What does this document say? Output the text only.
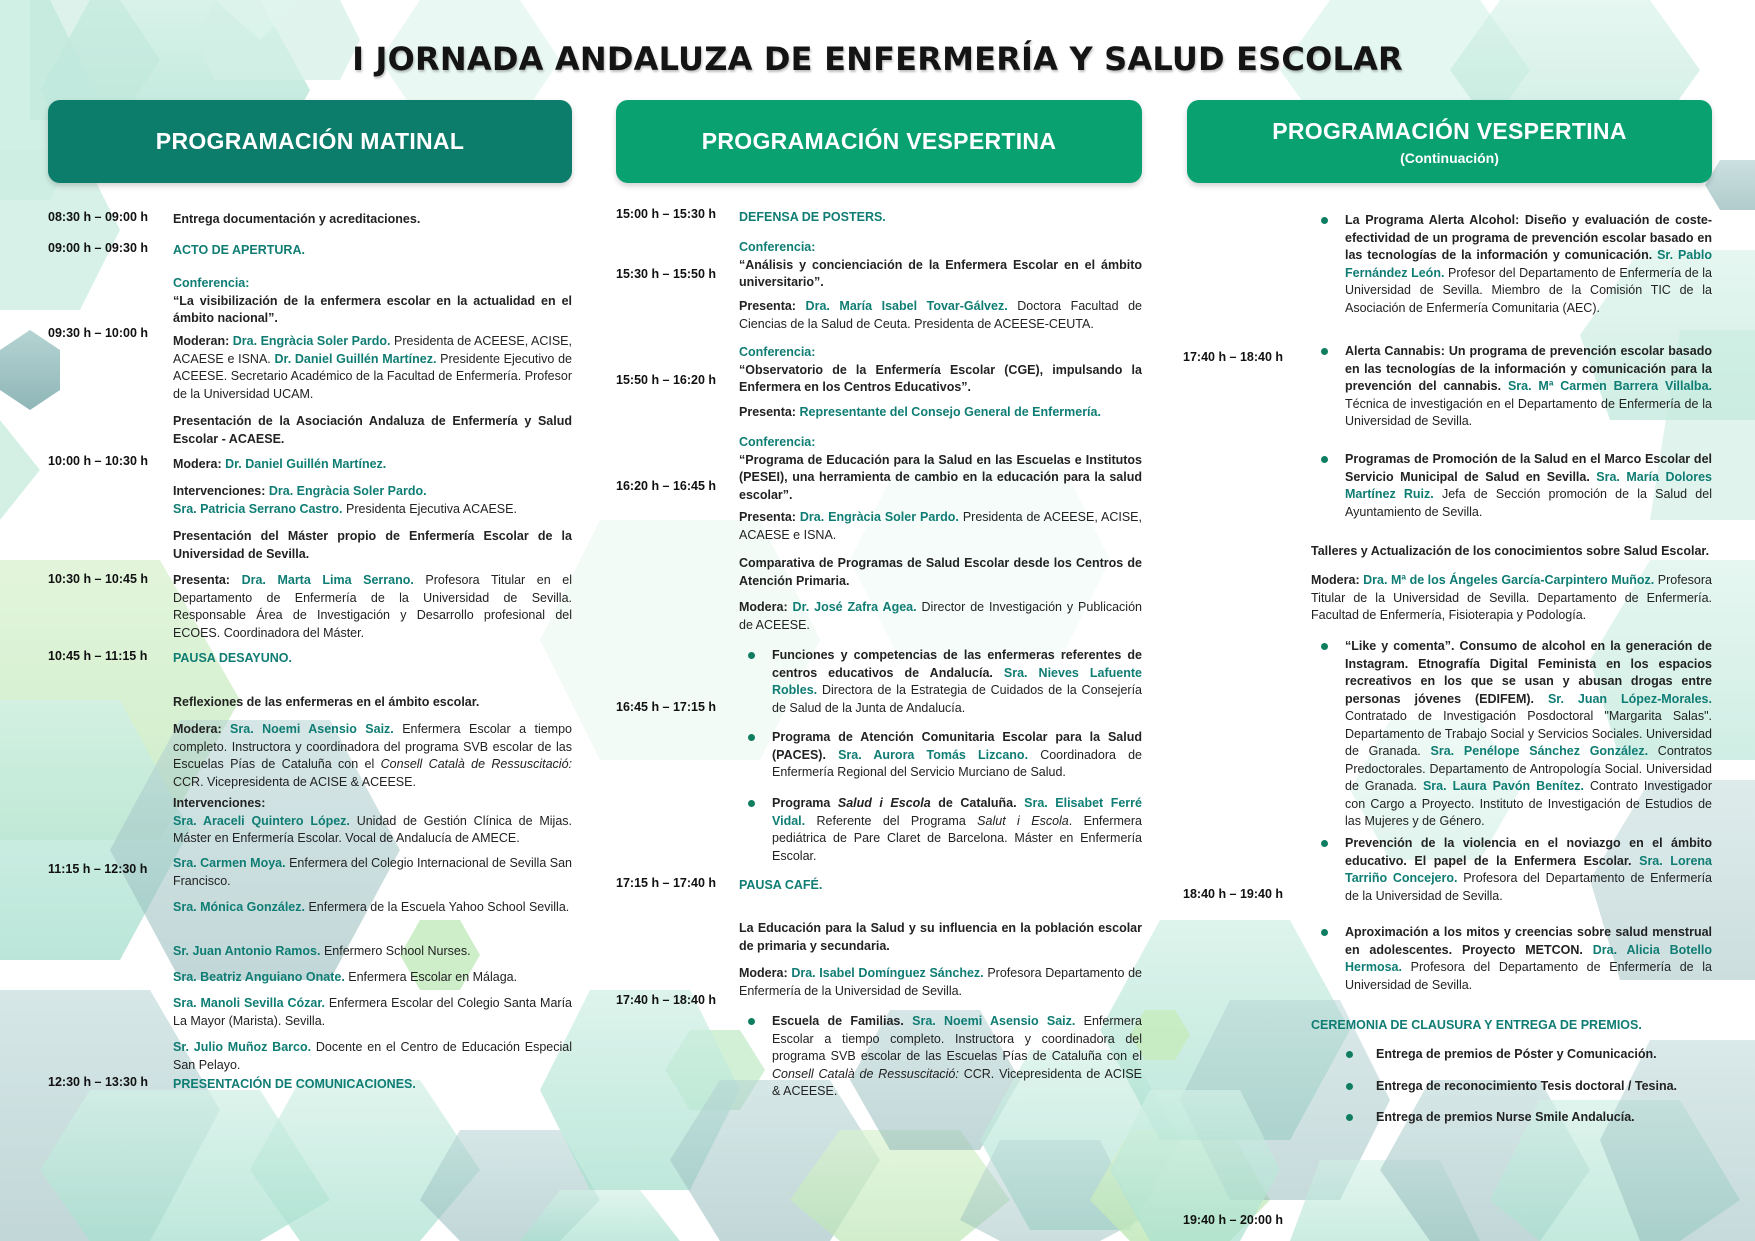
I JORNADA ANDALUZA DE ENFERMERÍA Y SALUD ESCOLAR
PROGRAMACIÓN MATINAL
08:30 h – 09:00 h
09:00 h – 09:30 h
09:30 h – 10:00 h
10:00 h – 10:30 h
10:30 h – 10:45 h
10:45 h – 11:15 h
11:15 h – 12:30 h
12:30 h – 13:30 h
Entrega documentación y acreditaciones.
ACTO DE APERTURA.
Conferencia:
“La visibilización de la enfermera escolar en la actualidad en el ámbito nacional”.
Moderan: Dra. Engràcia Soler Pardo. Presidenta de ACEESE, ACISE, ACAESE e ISNA. Dr. Daniel Guillén Martínez. Presidente Ejecutivo de ACEESE. Secretario Académico de la Facultad de Enfermería. Profesor de la Universidad UCAM.
Presentación de la Asociación Andaluza de Enfermería y Salud Escolar - ACAESE.
Modera: Dr. Daniel Guillén Martínez.
Intervenciones: Dra. Engràcia Soler Pardo.
Sra. Patricia Serrano Castro. Presidenta Ejecutiva ACAESE.
Presentación del Máster propio de Enfermería Escolar de la Universidad de Sevilla.
Presenta: Dra. Marta Lima Serrano. Profesora Titular en el Departamento de Enfermería de la Universidad de Sevilla. Responsable Área de Investigación y Desarrollo profesional del ECOES. Coordinadora del Máster.
PAUSA DESAYUNO.
Reflexiones de las enfermeras en el ámbito escolar.
Modera: Sra. Noemi Asensio Saiz. Enfermera Escolar a tiempo completo. Instructora y coordinadora del programa SVB escolar de las Escuelas Pías de Cataluña con el Consell Català de Ressuscitació: CCR. Vicepresidenta de ACISE & ACEESE.
Intervenciones:
Sra. Araceli Quintero López. Unidad de Gestión Clínica de Mijas. Máster en Enfermería Escolar. Vocal de Andalucía de AMECE.
Sra. Carmen Moya. Enfermera del Colegio Internacional de Sevilla San Francisco.
Sra. Mónica González. Enfermera de la Escuela Yahoo School Sevilla.
Sr. Juan Antonio Ramos. Enfermero School Nurses.
Sra. Beatriz Anguiano Onate. Enfermera Escolar en Málaga.
Sra. Manoli Sevilla Cózar. Enfermera Escolar del Colegio Santa María La Mayor (Marista). Sevilla.
Sr. Julio Muñoz Barco. Docente en el Centro de Educación Especial San Pelayo.
PRESENTACIÓN DE COMUNICACIONES.
PROGRAMACIÓN VESPERTINA
15:00 h – 15:30 h
15:30 h – 15:50 h
15:50 h – 16:20 h
16:20 h – 16:45 h
16:45 h – 17:15 h
17:15 h – 17:40 h
17:40 h – 18:40 h
DEFENSA DE POSTERS.
Conferencia:
“Análisis y concienciación de la Enfermera Escolar en el ámbito universitario”.
Presenta: Dra. María Isabel Tovar-Gálvez. Doctora Facultad de Ciencias de la Salud de Ceuta. Presidenta de ACEESE-CEUTA.
Conferencia:
“Observatorio de la Enfermería Escolar (CGE), impulsando la Enfermera en los Centros Educativos”.
Presenta: Representante del Consejo General de Enfermería.
Conferencia:
“Programa de Educación para la Salud en las Escuelas e Institutos (PESEI), una herramienta de cambio en la educación para la salud escolar”.
Presenta: Dra. Engràcia Soler Pardo. Presidenta de ACEESE, ACISE, ACAESE e ISNA.
Comparativa de Programas de Salud Escolar desde los Centros de Atención Primaria.
Modera: Dr. José Zafra Agea. Director de Investigación y Publicación de ACEESE.
Funciones y competencias de las enfermeras referentes de centros educativos de Andalucía. Sra. Nieves Lafuente Robles. Directora de la Estrategia de Cuidados de la Consejería de Salud de la Junta de Andalucía.
Programa de Atención Comunitaria Escolar para la Salud (PACES). Sra. Aurora Tomás Lizcano. Coordinadora de Enfermería Regional del Servicio Murciano de Salud.
Programa Salud i Escola de Cataluña. Sra. Elisabet Ferré Vidal. Referente del Programa Salut i Escola. Enfermera pediátrica de Pare Claret de Barcelona. Máster en Enfermería Escolar.
PAUSA CAFÉ.
La Educación para la Salud y su influencia en la población escolar de primaria y secundaria.
Modera: Dra. Isabel Domínguez Sánchez. Profesora Departamento de Enfermería de la Universidad de Sevilla.
Escuela de Familias. Sra. Noemi Asensio Saiz. Enfermera Escolar a tiempo completo. Instructora y coordinadora del programa SVB escolar de las Escuelas Pías de Cataluña con el Consell Català de Ressuscitació: CCR. Vicepresidenta de ACISE & ACEESE.
PROGRAMACIÓN VESPERTINA
(Continuación)
17:40 h – 18:40 h
18:40 h – 19:40 h
19:40 h – 20:00 h
La Programa Alerta Alcohol: Diseño y evaluación de coste-efectividad de un programa de prevención escolar basado en las tecnologías de la información y comunicación. Sr. Pablo Fernández León. Profesor del Departamento de Enfermería de la Universidad de Sevilla. Miembro de la Comisión TIC de la Asociación de Enfermería Comunitaria (AEC).
Alerta Cannabis: Un programa de prevención escolar basado en las tecnologías de la información y comunicación para la prevención del cannabis. Sra. Mª Carmen Barrera Villalba. Técnica de investigación en el Departamento de Enfermería de la Universidad de Sevilla.
Programas de Promoción de la Salud en el Marco Escolar del Servicio Municipal de Salud en Sevilla. Sra. María Dolores Martínez Ruiz. Jefa de Sección promoción de la Salud del Ayuntamiento de Sevilla.
Talleres y Actualización de los conocimientos sobre Salud Escolar.
Modera: Dra. Mª de los Ángeles García-Carpintero Muñoz. Profesora Titular de la Universidad de Sevilla. Departamento de Enfermería. Facultad de Enfermería, Fisioterapia y Podología.
“Like y comenta”. Consumo de alcohol en la generación de Instagram. Etnografía Digital Feminista en los espacios recreativos en los que se usan y abusan drogas entre personas jóvenes (EDIFEM). Sr. Juan López-Morales. Contratado de Investigación Posdoctoral "Margarita Salas". Departamento de Trabajo Social y Servicios Sociales. Universidad de Granada. Sra. Penélope Sánchez González. Contratos Predoctorales. Departamento de Antropología Social. Universidad de Granada. Sra. Laura Pavón Benítez. Contrato Investigador con Cargo a Proyecto. Instituto de Investigación de Estudios de las Mujeres y de Género.
Prevención de la violencia en el noviazgo en el ámbito educativo. El papel de la Enfermera Escolar. Sra. Lorena Tarriño Concejero. Profesora del Departamento de Enfermería de la Universidad de Sevilla.
Aproximación a los mitos y creencias sobre salud menstrual en adolescentes. Proyecto METCON. Dra. Alicia Botello Hermosa. Profesora del Departamento de Enfermería de la Universidad de Sevilla.
CEREMONIA DE CLAUSURA Y ENTREGA DE PREMIOS.
Entrega de premios de Póster y Comunicación.
Entrega de reconocimiento Tesis doctoral / Tesina.
Entrega de premios Nurse Smile Andalucía.
